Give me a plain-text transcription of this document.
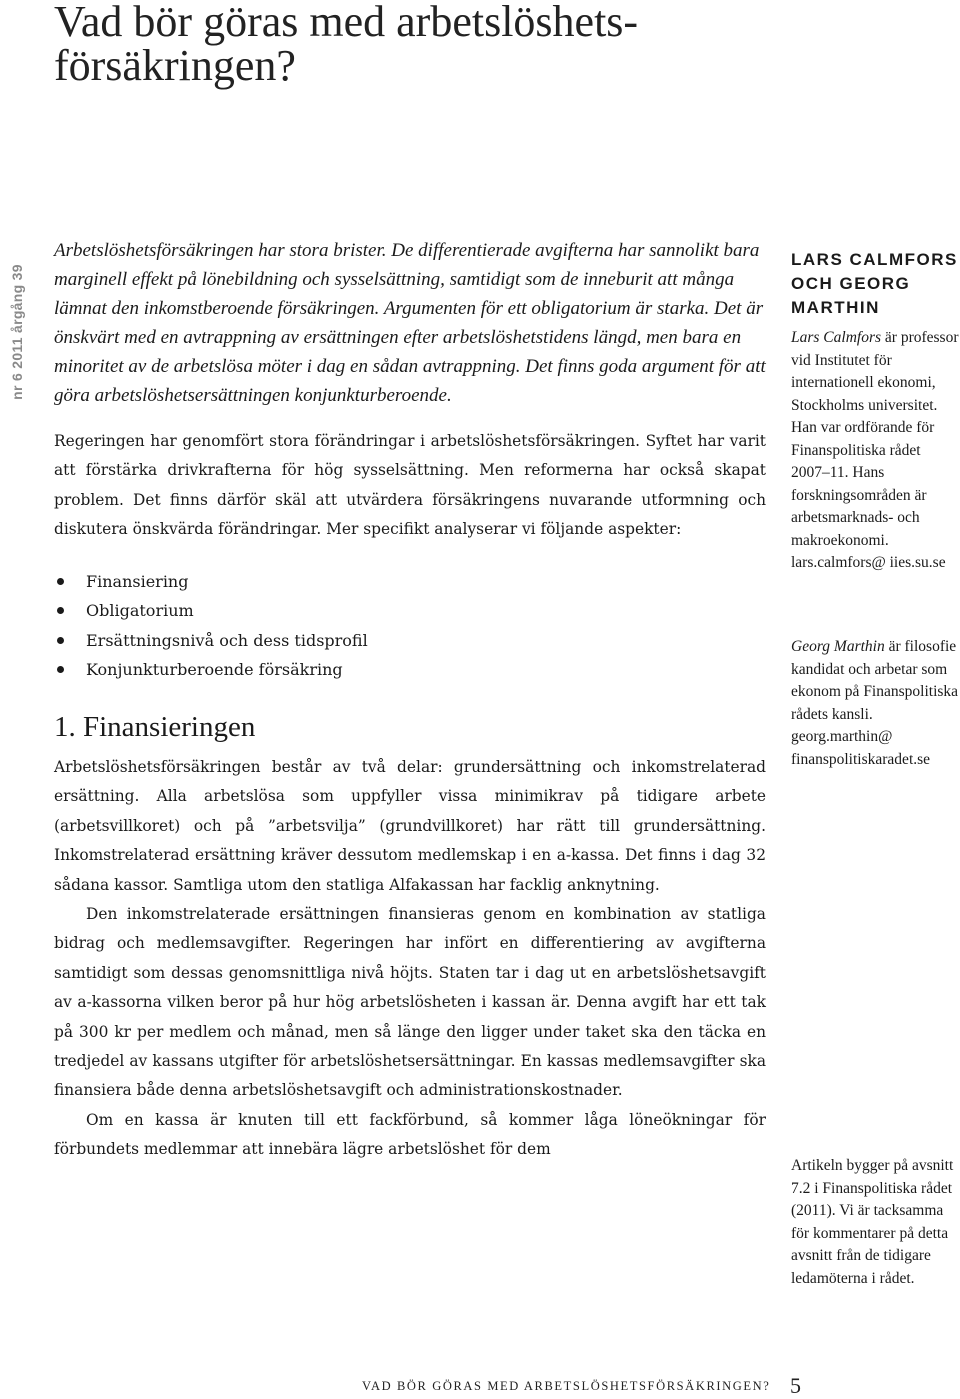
Vad bör göras med arbetslöshets-försäkringen?
nr 6 2011 årgång 39

Arbetslöshetsförsäkringen har stora brister. De differentierade avgifterna har sannolikt bara marginell effekt på lönebildning och sysselsättning, samtidigt som de inneburit att många lämnat den inkomstberoende försäkringen. Argumenten för ett obligatorium är starka. Det är önskvärt med en avtrappning av ersättningen efter arbetslöshetstidens längd, men bara en minoritet av de arbetslösa möter i dag en sådan avtrappning. Det finns goda argument för att göra arbetslöshetsersättningen konjunkturberoende.

Regeringen har genomfört stora förändringar i arbetslöshetsförsäkringen. Syftet har varit att förstärka drivkrafterna för hög sysselsättning. Men reformerna har också skapat problem. Det finns därför skäl att utvärdera försäkringens nuvarande utformning och diskutera önskvärda förändringar. Mer specifikt analyserar vi följande aspekter:

Finansiering
Obligatorium
Ersättningsnivå och dess tidsprofil
Konjunkturberoende försäkring
1. Finansieringen

Arbetslöshetsförsäkringen består av två delar: grundersättning och inkomstrelaterad ersättning. Alla arbetslösa som uppfyller vissa minimikrav på tidigare arbete (arbetsvillkoret) och på ”arbetsvilja” (grundvillkoret) har rätt till grundersättning. Inkomstrelaterad ersättning kräver dessutom medlemskap i en a-kassa. Det finns i dag 32 sådana kassor. Samtliga utom den statliga Alfakassan har facklig anknytning.

Den inkomstrelaterade ersättningen finansieras genom en kombination av statliga bidrag och medlemsavgifter. Regeringen har infört en differentiering av avgifterna samtidigt som dessas genomsnittliga nivå höjts. Staten tar i dag ut en arbetslöshetsavgift av a-kassorna vilken beror på hur hög arbetslösheten i kassan är. Denna avgift har ett tak på 300 kr per medlem och månad, men så länge den ligger under taket ska den täcka en tredjedel av kassans utgifter för arbetslöshetsersättningar. En kassas medlemsavgifter ska finansiera både denna arbetslöshetsavgift och administrationskostnader.

Om en kassa är knuten till ett fackförbund, så kommer låga löneökningar för förbundets medlemmar att innebära lägre arbetslöshet för dem

LARS CALMFORS OCH GEORG MARTHIN
Lars Calmfors är professor vid Institutet för internationell ekonomi, Stockholms universitet. Han var ordförande för Finanspolitiska rådet 2007–11. Hans forskningsområden är arbetsmarknads- och makroekonomi. lars.calmfors@ iies.su.se
Georg Marthin är filosofie kandidat och arbetar som ekonom på Finanspolitiska rådets kansli. georg.marthin@ finanspolitiskaradet.se
Artikeln bygger på avsnitt 7.2 i Finanspolitiska rådet (2011). Vi är tacksamma för kommentarer på detta avsnitt från de tidigare ledamöterna i rådet.
VAD BÖR GÖRAS MED ARBETSLÖSHETSFÖRSÄKRINGEN? 5
